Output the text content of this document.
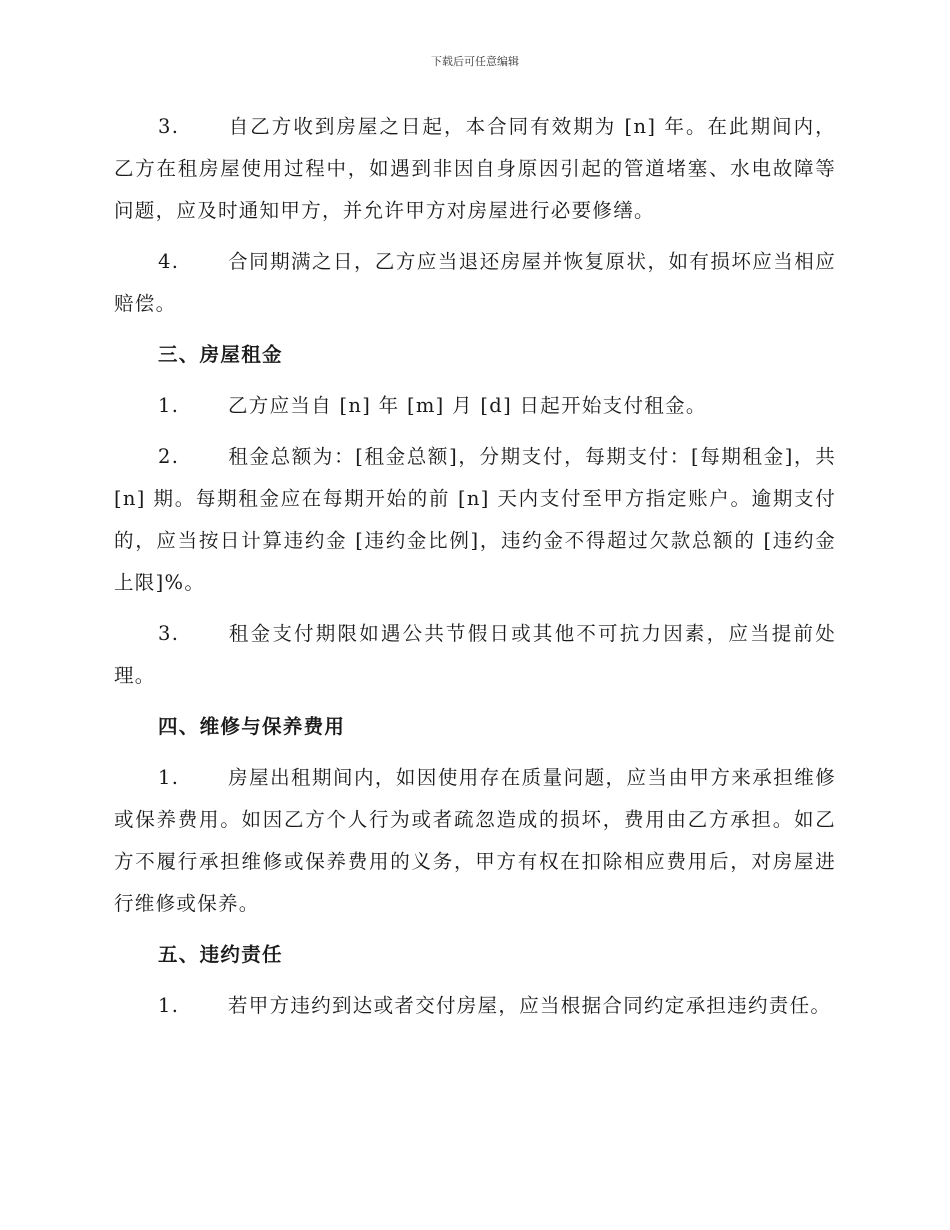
下载后可任意编辑

3.	自乙方收到房屋之日起，本合同有效期为 [n] 年。在此期间内，乙方在租房屋使用过程中，如遇到非因自身原因引起的管道堵塞、水电故障等问题，应及时通知甲方，并允许甲方对房屋进行必要修缮。

4.	合同期满之日，乙方应当退还房屋并恢复原状，如有损坏应当相应赔偿。

三、房屋租金

1.	乙方应当自 [n] 年 [m] 月 [d] 日起开始支付租金。

2.	租金总额为：[租金总额]，分期支付，每期支付：[每期租金]，共 [n] 期。每期租金应在每期开始的前 [n] 天内支付至甲方指定账户。逾期支付的，应当按日计算违约金 [违约金比例]，违约金不得超过欠款总额的 [违约金上限]%。

3.	租金支付期限如遇公共节假日或其他不可抗力因素，应当提前处理。

四、维修与保养费用

1.	房屋出租期间内，如因使用存在质量问题，应当由甲方来承担维修或保养费用。如因乙方个人行为或者疏忽造成的损坏，费用由乙方承担。如乙方不履行承担维修或保养费用的义务，甲方有权在扣除相应费用后，对房屋进行维修或保养。

五、违约责任

1.	若甲方违约到达或者交付房屋，应当根据合同约定承担违约责任。
